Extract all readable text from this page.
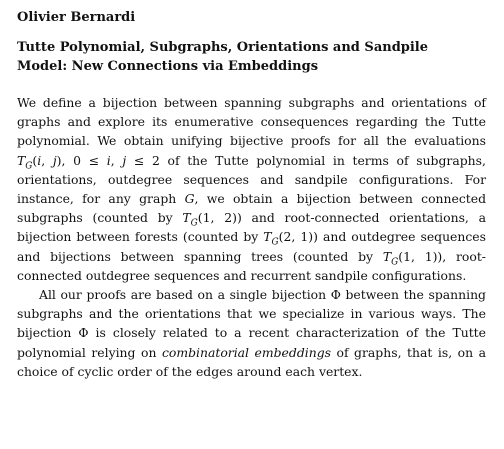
Olivier Bernardi
Tutte Polynomial, Subgraphs, Orientations and Sandpile Model: New Connections via Embeddings

We define a bijection between spanning subgraphs and orientations of graphs and explore its enumerative consequences regarding the Tutte polynomial. We obtain unifying bijective proofs for all the evaluations $T_G(i$, j), 0 ≤ i, j ≤ 2 of the Tutte polynomial in terms of subgraphs, orientations, outdegree sequences and sandpile configurations. For instance, for any graph G, we obtain a bijection between connected subgraphs (counted by $T_G(1$, 2)) and root-connected orientations, a bijection between forests (counted by $T_G(2$, 1)) and outdegree sequences and bijections between spanning trees (counted by $T_G(1$, 1)), root-connected outdegree sequences and recurrent sandpile configurations.

All our proofs are based on a single bijection Φ between the spanning subgraphs and the orientations that we specialize in various ways. The bijection Φ is closely related to a recent characterization of the Tutte polynomial relying on combinatorial embeddings of graphs, that is, on a choice of cyclic order of the edges around each vertex.
